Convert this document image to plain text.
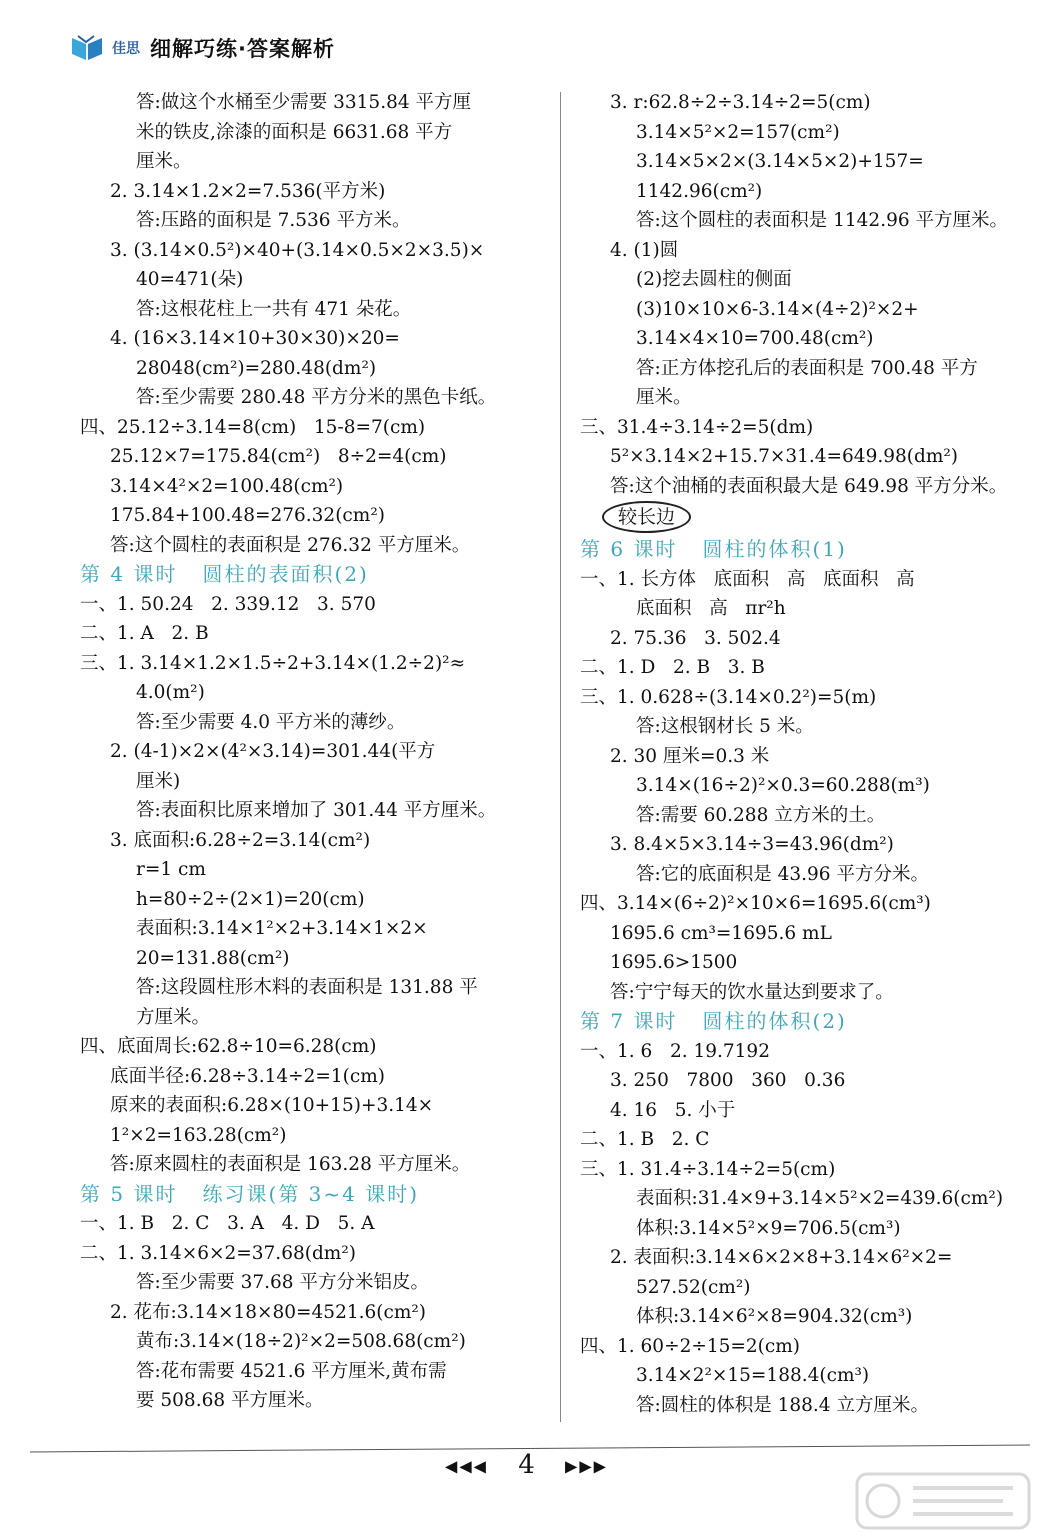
佳思 细解巧练·答案解析
答:做这个水桶至少需要 3315.84 平方厘
米的铁皮,涂漆的面积是 6631.68 平方
厘米。
2. 3.14×1.2×2=7.536(平方米)
答:压路的面积是 7.536 平方米。
3. (3.14×0.5²)×40+(3.14×0.5×2×3.5)×
40=471(朵)
答:这根花柱上一共有 471 朵花。
4. (16×3.14×10+30×30)×20=
28048(cm²)=280.48(dm²)
答:至少需要 280.48 平方分米的黑色卡纸。
四、25.12÷3.14=8(cm)   15-8=7(cm)
25.12×7=175.84(cm²)   8÷2=4(cm)
3.14×4²×2=100.48(cm²)
175.84+100.48=276.32(cm²)
答:这个圆柱的表面积是 276.32 平方厘米。
第 4 课时   圆柱的表面积(2)
一、1. 50.24   2. 339.12   3. 570
二、1. A   2. B
三、1. 3.14×1.2×1.5÷2+3.14×(1.2÷2)²≈
4.0(m²)
答:至少需要 4.0 平方米的薄纱。
2. (4-1)×2×(4²×3.14)=301.44(平方
厘米)
答:表面积比原来增加了 301.44 平方厘米。
3. 底面积:6.28÷2=3.14(cm²)
r=1 cm
h=80÷2÷(2×1)=20(cm)
表面积:3.14×1²×2+3.14×1×2×
20=131.88(cm²)
答:这段圆柱形木料的表面积是 131.88 平
方厘米。
四、底面周长:62.8÷10=6.28(cm)
底面半径:6.28÷3.14÷2=1(cm)
原来的表面积:6.28×(10+15)+3.14×
1²×2=163.28(cm²)
答:原来圆柱的表面积是 163.28 平方厘米。
第 5 课时   练习课(第 3~4 课时)
一、1. B   2. C   3. A   4. D   5. A
二、1. 3.14×6×2=37.68(dm²)
答:至少需要 37.68 平方分米铝皮。
2. 花布:3.14×18×80=4521.6(cm²)
黄布:3.14×(18÷2)²×2=508.68(cm²)
答:花布需要 4521.6 平方厘米,黄布需
要 508.68 平方厘米。
3. r:62.8÷2÷3.14÷2=5(cm)
3.14×5²×2=157(cm²)
3.14×5×2×(3.14×5×2)+157=
1142.96(cm²)
答:这个圆柱的表面积是 1142.96 平方厘米。
4. (1)圆
(2)挖去圆柱的侧面
(3)10×10×6-3.14×(4÷2)²×2+
3.14×4×10=700.48(cm²)
答:正方体挖孔后的表面积是 700.48 平方
厘米。
三、31.4÷3.14÷2=5(dm)
5²×3.14×2+15.7×31.4=649.98(dm²)
答:这个油桶的表面积最大是 649.98 平方分米。
较长边
第 6 课时   圆柱的体积(1)
一、1. 长方体   底面积   高   底面积   高
底面积   高   πr²h
2. 75.36   3. 502.4
二、1. D   2. B   3. B
三、1. 0.628÷(3.14×0.2²)=5(m)
答:这根钢材长 5 米。
2. 30 厘米=0.3 米
3.14×(16÷2)²×0.3=60.288(m³)
答:需要 60.288 立方米的土。
3. 8.4×5×3.14÷3=43.96(dm²)
答:它的底面积是 43.96 平方分米。
四、3.14×(6÷2)²×10×6=1695.6(cm³)
1695.6 cm³=1695.6 mL
1695.6>1500
答:宁宁每天的饮水量达到要求了。
第 7 课时   圆柱的体积(2)
一、1. 6   2. 19.7192
3. 250   7800   360   0.36
4. 16   5. 小于
二、1. B   2. C
三、1. 31.4÷3.14÷2=5(cm)
表面积:31.4×9+3.14×5²×2=439.6(cm²)
体积:3.14×5²×9=706.5(cm³)
2. 表面积:3.14×6×2×8+3.14×6²×2=
527.52(cm²)
体积:3.14×6²×8=904.32(cm³)
四、1. 60÷2÷15=2(cm)
3.14×2²×15=188.4(cm³)
答:圆柱的体积是 188.4 立方厘米。
◀◀◀ 4 ▶▶▶
